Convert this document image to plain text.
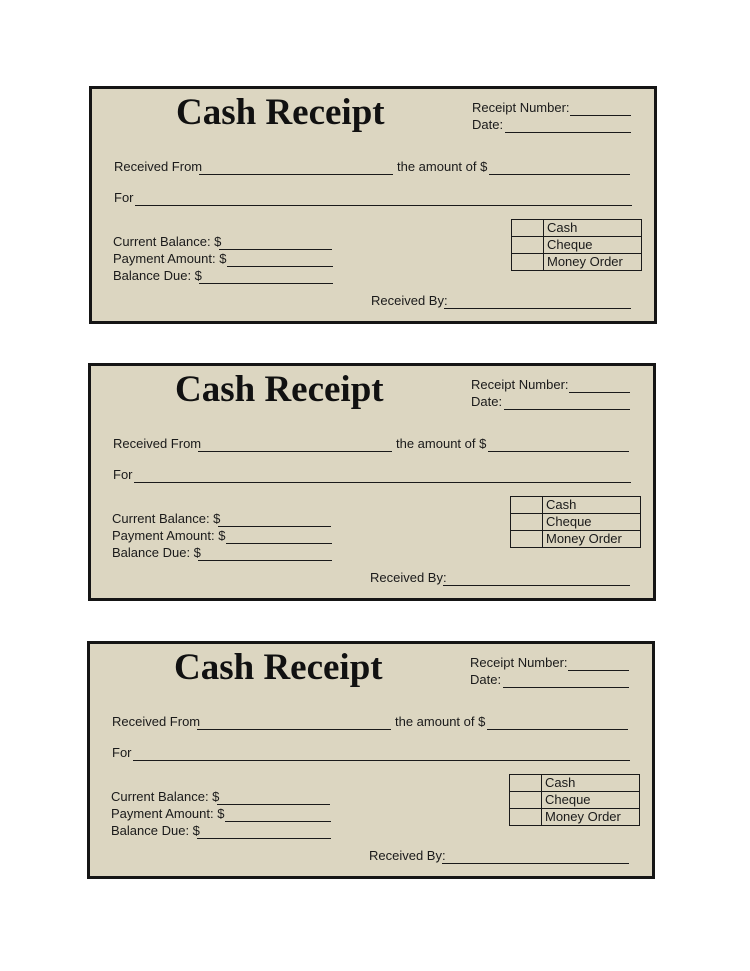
Cash Receipt	Receipt Number:
Date:
Received From	the amount of $
For
Current Balance: $
Payment Amount: $
Balance Due: $
	Cash
	Cheque
	Money Order
Received By:
Cash Receipt	Receipt Number:
Date:
Received From	the amount of $
For
Current Balance: $
Payment Amount: $
Balance Due: $
	Cash
	Cheque
	Money Order
Received By:
Cash Receipt	Receipt Number:
Date:
Received From	the amount of $
For
Current Balance: $
Payment Amount: $
Balance Due: $
	Cash
	Cheque
	Money Order
Received By:
